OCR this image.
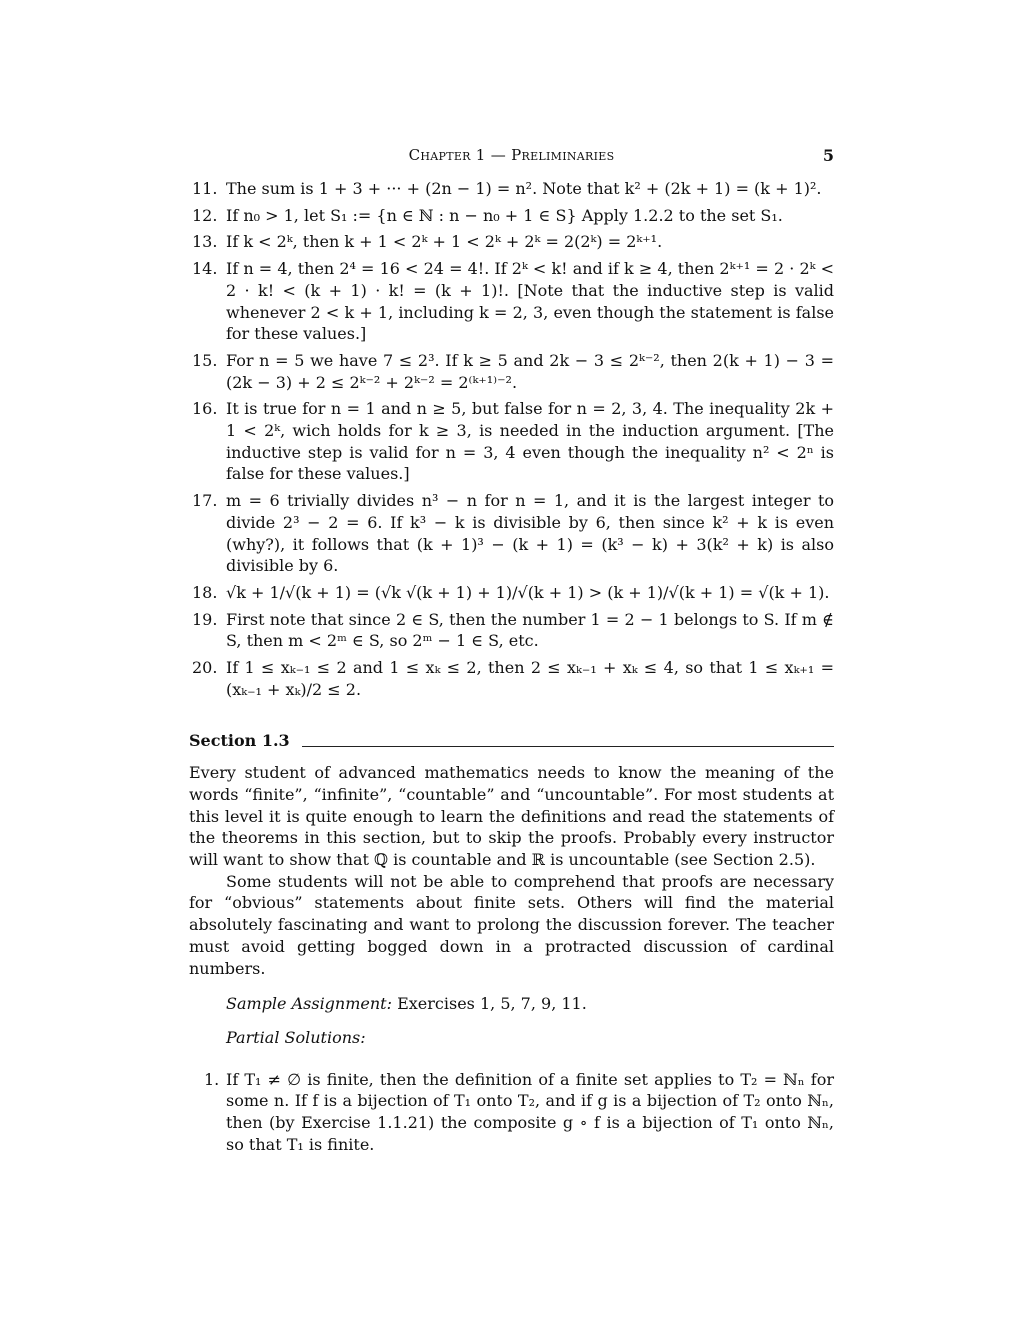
Chapter 1 — Preliminaries	5
11. The sum is 1 + 3 + ··· + (2n − 1) = n². Note that k² + (2k + 1) = (k + 1)².
12. If n₀ > 1, let S₁ := {n ∈ ℕ : n − n₀ + 1 ∈ S} Apply 1.2.2 to the set S₁.
13. If k < 2ᵏ, then k + 1 < 2ᵏ + 1 < 2ᵏ + 2ᵏ = 2(2ᵏ) = 2ᵏ⁺¹.
14. If n = 4, then 2⁴ = 16 < 24 = 4!. If 2ᵏ < k! and if k ≥ 4, then 2ᵏ⁺¹ = 2 · 2ᵏ < 2 · k! < (k + 1) · k! = (k + 1)!. [Note that the inductive step is valid whenever 2 < k + 1, including k = 2, 3, even though the statement is false for these values.]
15. For n = 5 we have 7 ≤ 2³. If k ≥ 5 and 2k − 3 ≤ 2ᵏ⁻², then 2(k + 1) − 3 = (2k − 3) + 2 ≤ 2ᵏ⁻² + 2ᵏ⁻² = 2⁽ᵏ⁺¹⁾⁻².
16. It is true for n = 1 and n ≥ 5, but false for n = 2, 3, 4. The inequality 2k + 1 < 2ᵏ, wich holds for k ≥ 3, is needed in the induction argument. [The inductive step is valid for n = 3, 4 even though the inequality n² < 2ⁿ is false for these values.]
17. m = 6 trivially divides n³ − n for n = 1, and it is the largest integer to divide 2³ − 2 = 6. If k³ − k is divisible by 6, then since k² + k is even (why?), it follows that (k + 1)³ − (k + 1) = (k³ − k) + 3(k² + k) is also divisible by 6.
18. √k + 1/√(k + 1) = (√k √(k + 1) + 1)/√(k + 1) > (k + 1)/√(k + 1) = √(k + 1).
19. First note that since 2 ∈ S, then the number 1 = 2 − 1 belongs to S. If m ∉ S, then m < 2ᵐ ∈ S, so 2ᵐ − 1 ∈ S, etc.
20. If 1 ≤ xₖ₋₁ ≤ 2 and 1 ≤ xₖ ≤ 2, then 2 ≤ xₖ₋₁ + xₖ ≤ 4, so that 1 ≤ xₖ₊₁ = (xₖ₋₁ + xₖ)/2 ≤ 2.
Section 1.3

Every student of advanced mathematics needs to know the meaning of the words “finite”, “infinite”, “countable” and “uncountable”. For most students at this level it is quite enough to learn the definitions and read the statements of the theorems in this section, but to skip the proofs. Probably every instructor will want to show that ℚ is countable and ℝ is uncountable (see Section 2.5).

Some students will not be able to comprehend that proofs are necessary for “obvious” statements about finite sets. Others will find the material absolutely fascinating and want to prolong the discussion forever. The teacher must avoid getting bogged down in a protracted discussion of cardinal numbers.

Sample Assignment: Exercises 1, 5, 7, 9, 11.

Partial Solutions:

1. If T₁ ≠ ∅ is finite, then the definition of a finite set applies to T₂ = ℕₙ for some n. If f is a bijection of T₁ onto T₂, and if g is a bijection of T₂ onto ℕₙ, then (by Exercise 1.1.21) the composite g ∘ f is a bijection of T₁ onto ℕₙ, so that T₁ is finite.
